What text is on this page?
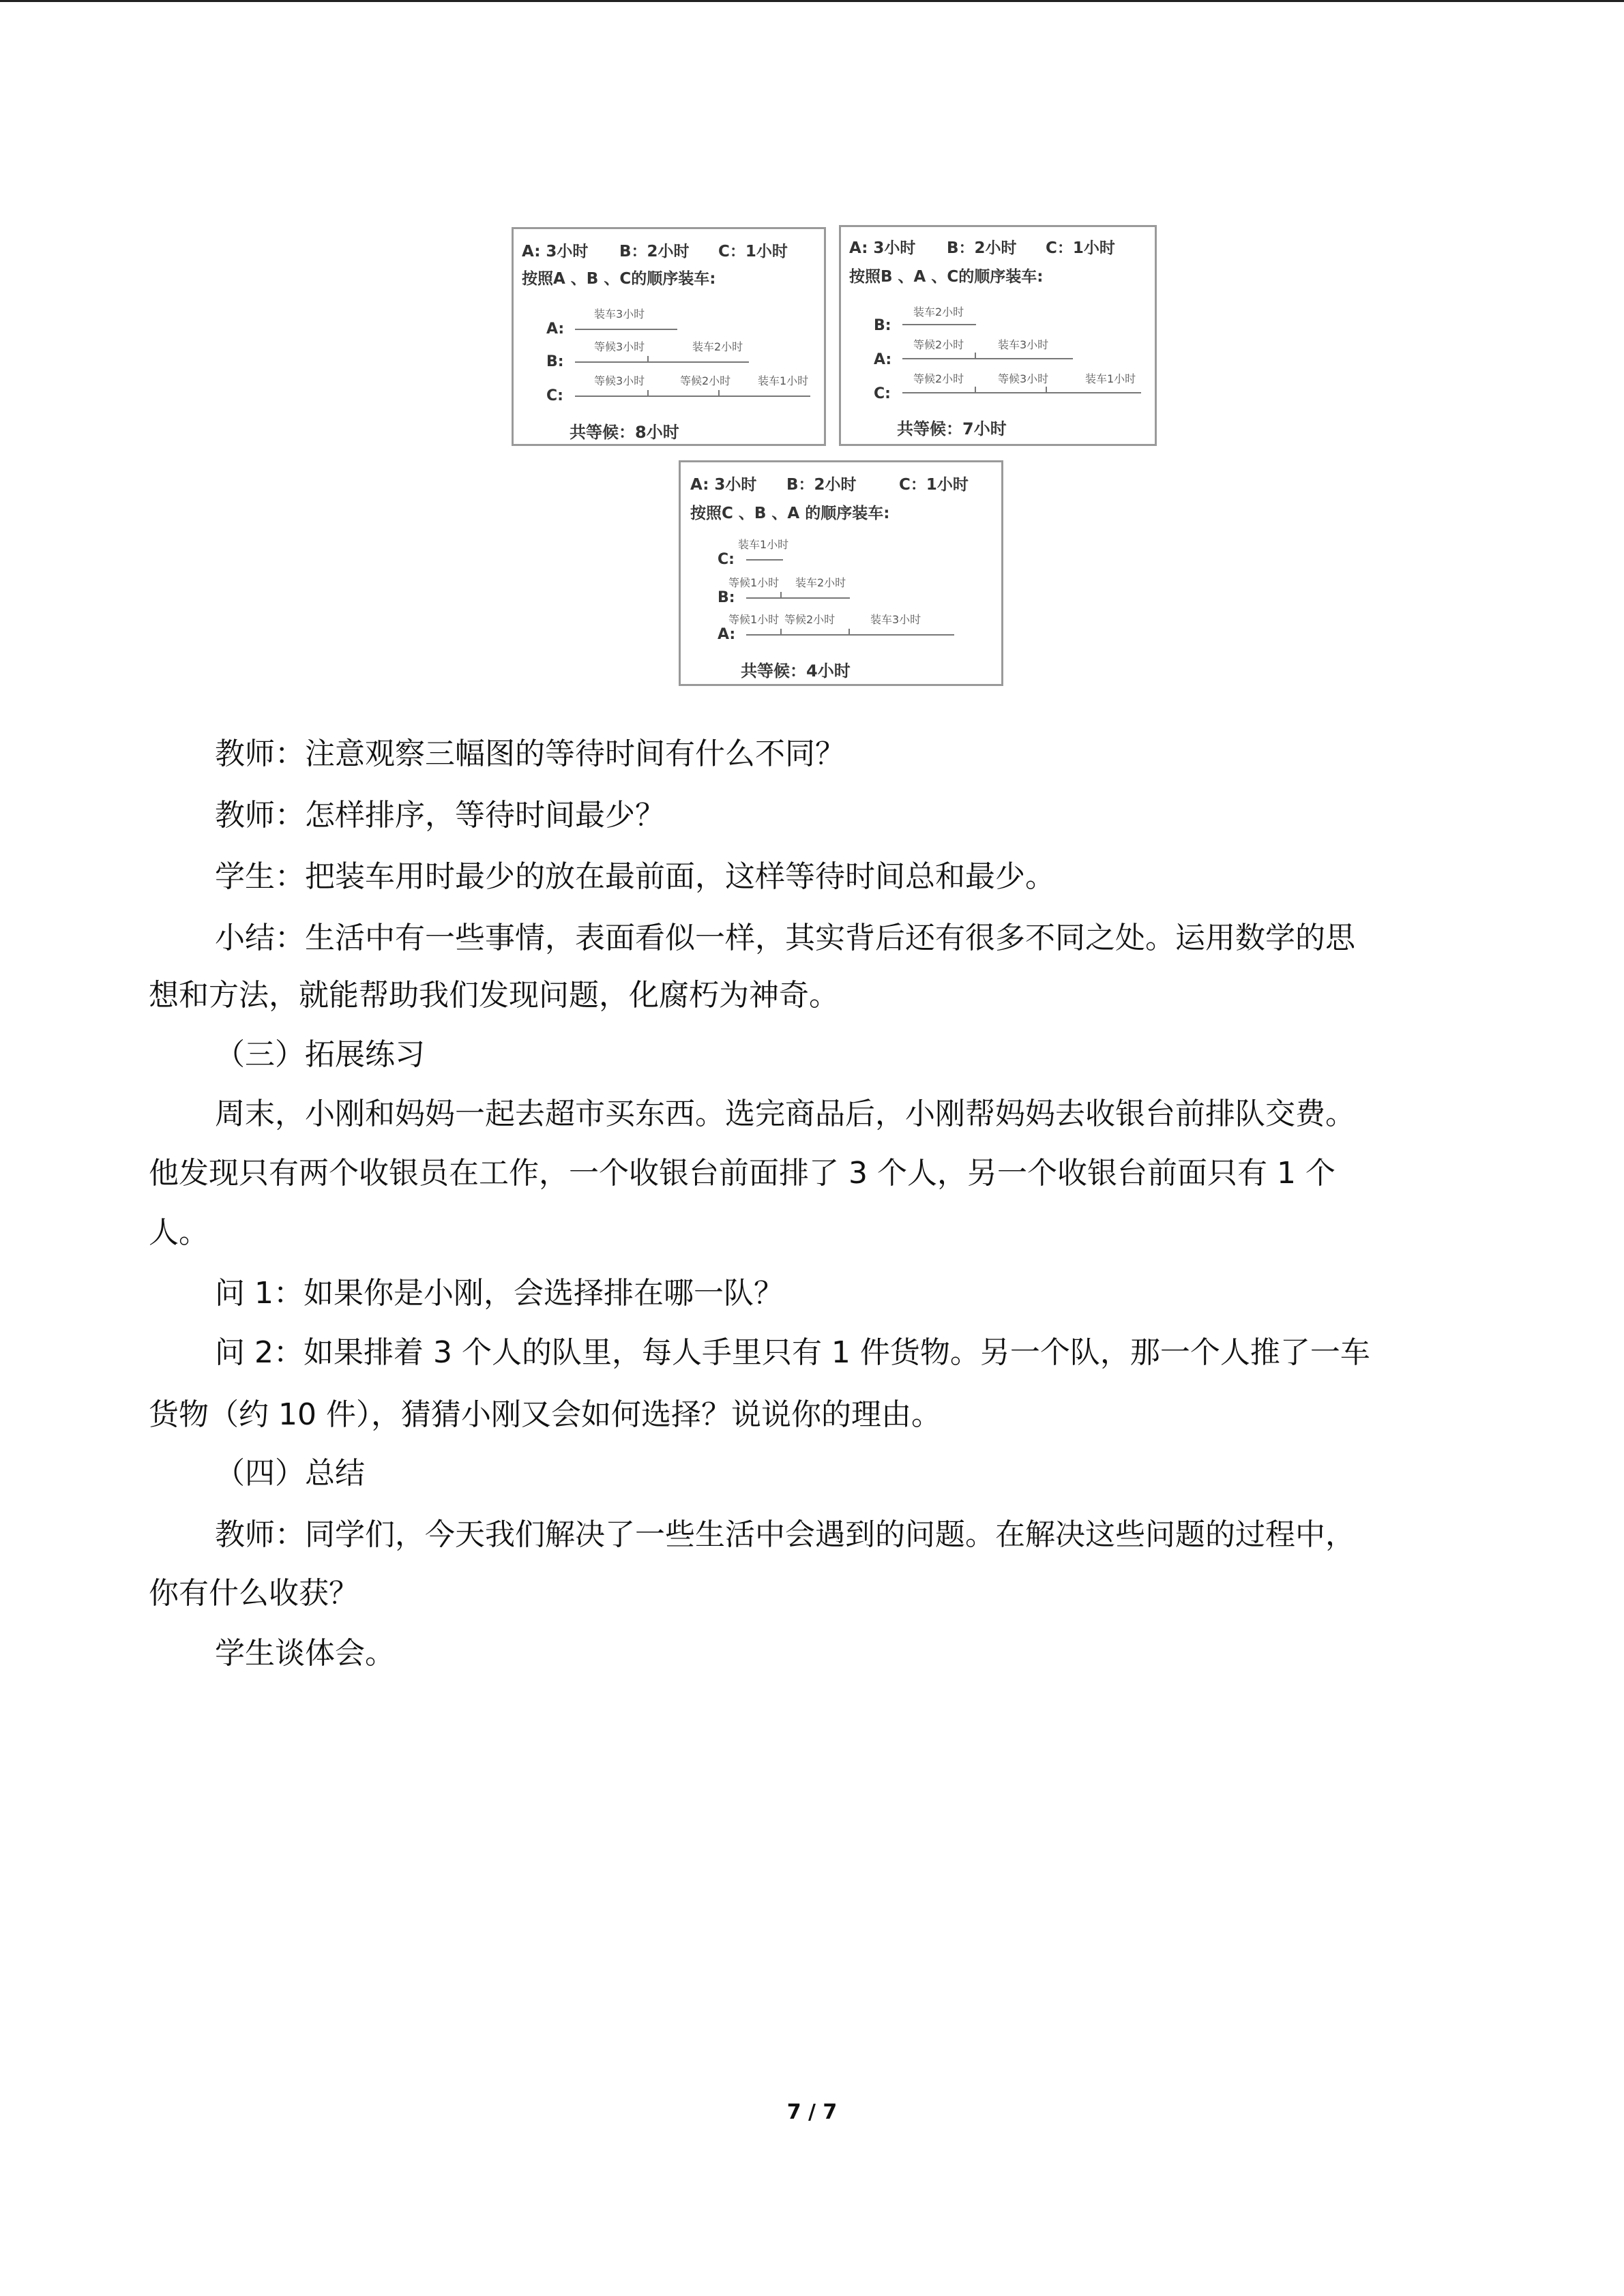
A: 3小时 B：2小时 C：1小时
按照A 、B 、C的顺序装车:
A:
装车3小时
B:
等候3小时	装车2小时
C:
等候3小时	等候2小时 装车1小时
共等候：8小时
A: 3小时 B：2小时 C：1小时
按照B 、A 、C的顺序装车:
B:
装车2小时
A:
等候2小时	装车3小时
C:
等候2小时	等候3小时	装车1小时
共等候：7小时
A: 3小时 B：2小时	C：1小时
按照C 、B 、A 的顺序装车:
C:
装车1小时
B:
等候1小时 装车2小时
A:
等候1小时 等候2小时	装车3小时
共等候：4小时

教师：注意观察三幅图的等待时间有什么不同？

教师：怎样排序，等待时间最少？

学生：把装车用时最少的放在最前面，这样等待时间总和最少。

小结：生活中有一些事情，表面看似一样，其实背后还有很多不同之处。运用数学的思

想和方法，就能帮助我们发现问题，化腐朽为神奇。

（三）拓展练习

周末，小刚和妈妈一起去超市买东西。选完商品后，小刚帮妈妈去收银台前排队交费。

他发现只有两个收银员在工作，一个收银台前面排了 3 个人，另一个收银台前面只有 1 个

人。

问 1：如果你是小刚，会选择排在哪一队？

问 2：如果排着 3 个人的队里，每人手里只有 1 件货物。另一个队，那一个人推了一车

货物（约 10 件），猜猜小刚又会如何选择？说说你的理由。

（四）总结

教师：同学们，今天我们解决了一些生活中会遇到的问题。在解决这些问题的过程中，

你有什么收获？

学生谈体会。

7 / 7
